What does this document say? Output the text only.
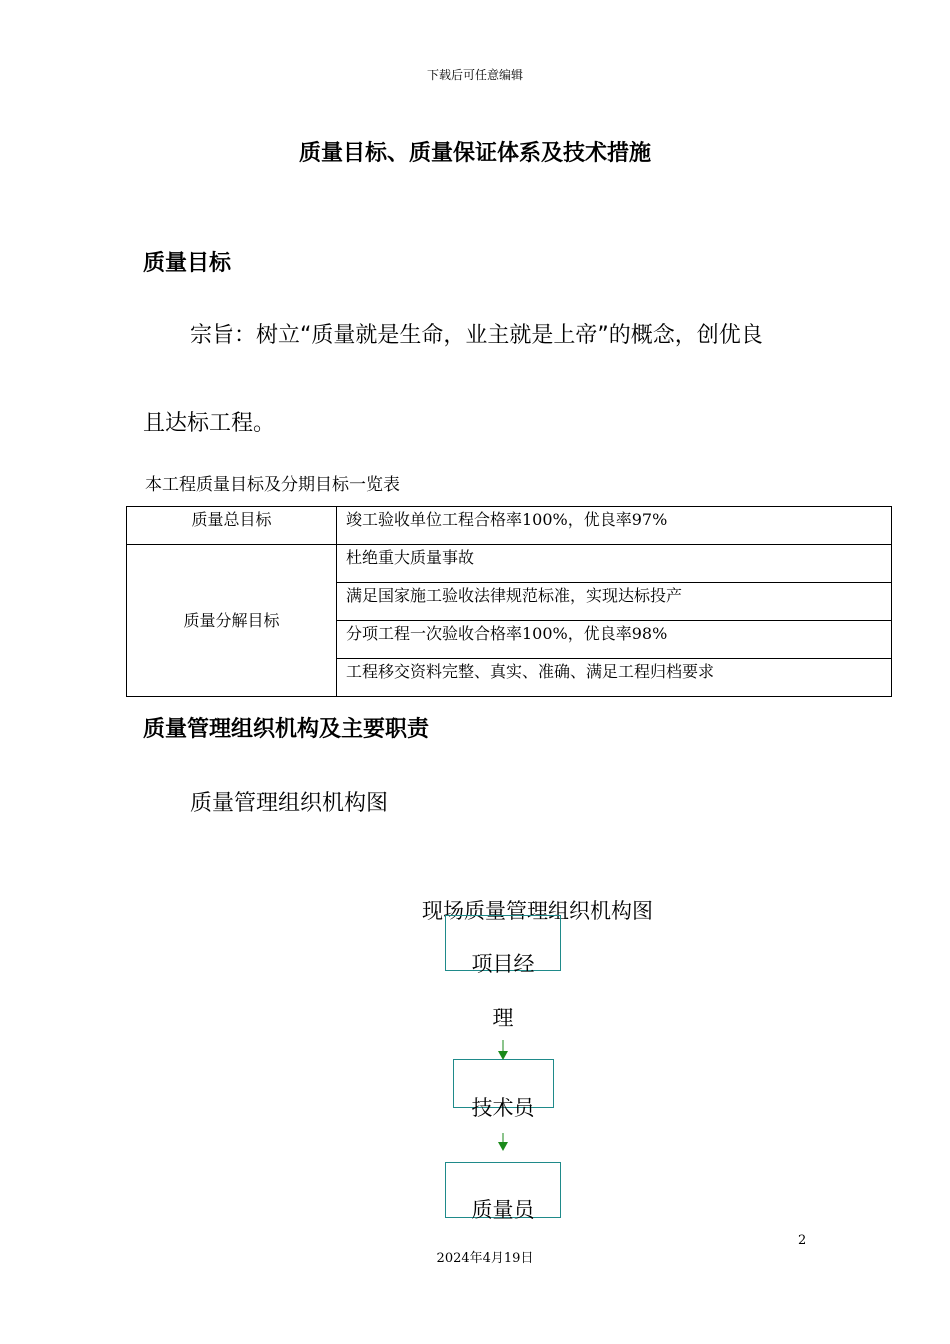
下载后可任意编辑
质量目标、质量保证体系及技术措施
质量目标
宗旨：树立“质量就是生命，业主就是上帝”的概念，创优良
且达标工程。
本工程质量目标及分期目标一览表
质量总目标	竣工验收单位工程合格率100%，优良率97%
质量分解目标	杜绝重大质量事故
	满足国家施工验收法律规范标准，实现达标投产
	分项工程一次验收合格率100%，优良率98%
	工程移交资料完整、真实、准确、满足工程归档要求
质量管理组织机构及主要职责
质量管理组织机构图
现场质量管理组织机构图
项目经
理
技术员
质量员
2
2024年4月19日
